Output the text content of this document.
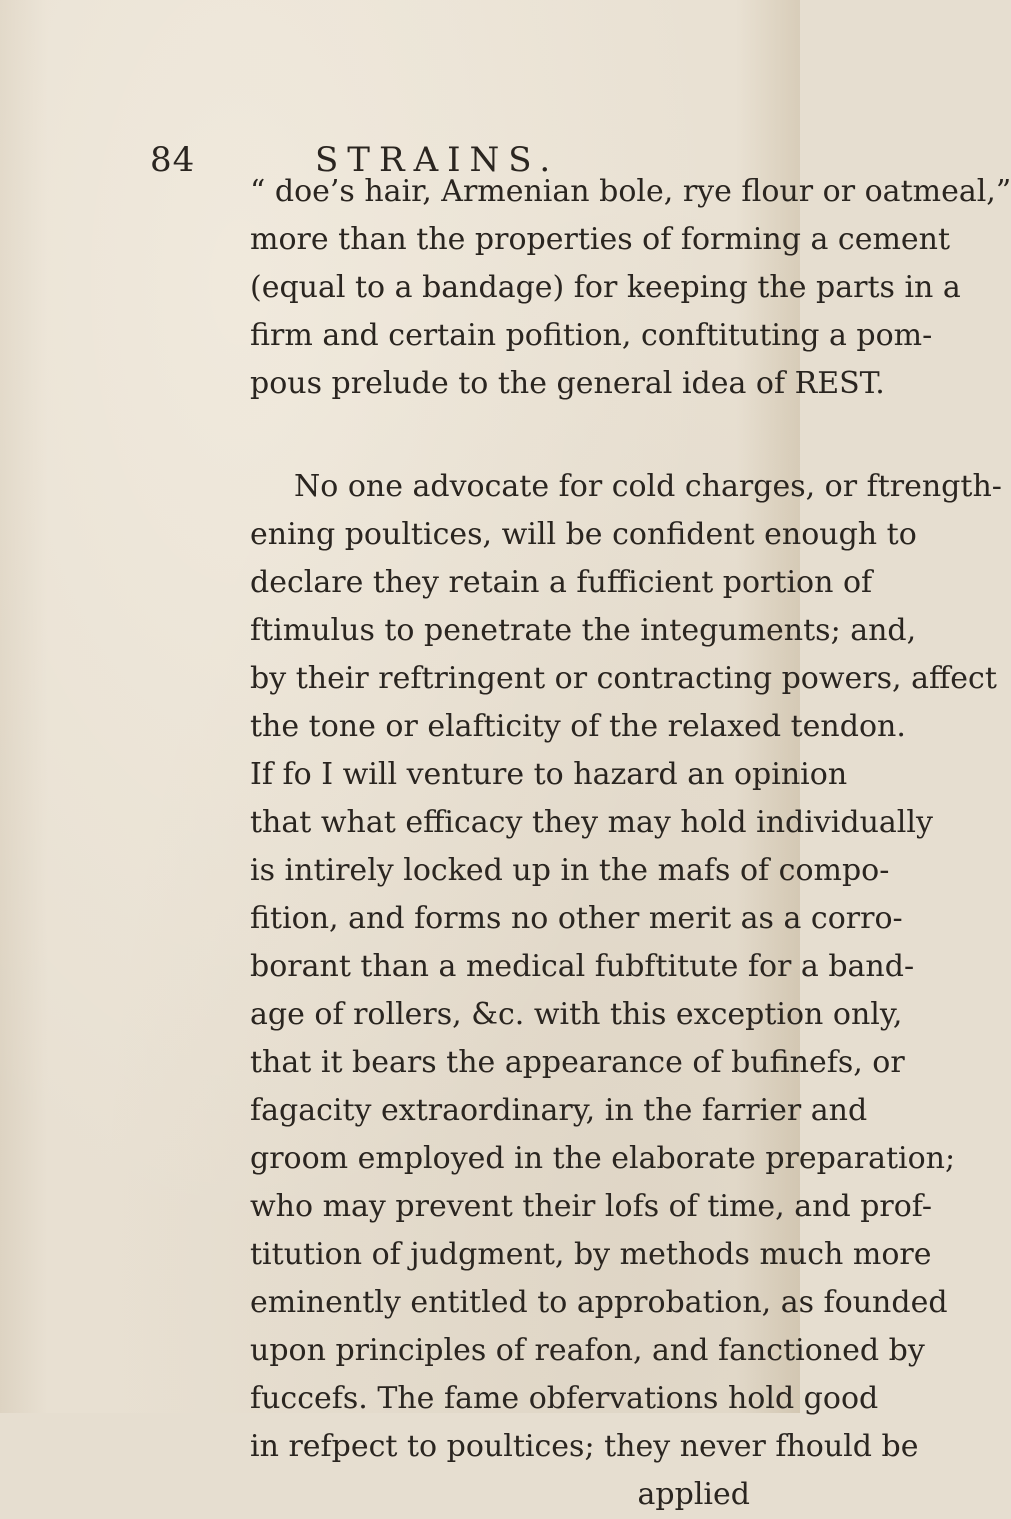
84	STRAINS.
“ doe’s hair, Armenian bole, rye flour or oatmeal,”
more than the properties of forming a cement
(equal to a bandage) for keeping the parts in a
firm and certain pofition, conftituting a pom-
pous prelude to the general idea of REST.
No one advocate for cold charges, or ftrength-
ening poultices, will be confident enough to
declare they retain a fufficient portion of
ftimulus to penetrate the integuments; and,
by their reftringent or contracting powers, affect
the tone or elafticity of the relaxed tendon.
If fo I will venture to hazard an opinion
that what efficacy they may hold individually
is intirely locked up in the mafs of compo-
fition, and forms no other merit as a corro-
borant than a medical fubftitute for a band-
age of rollers, &c. with this exception only,
that it bears the appearance of bufinefs, or
fagacity extraordinary, in the farrier and
groom employed in the elaborate preparation;
who may prevent their lofs of time, and prof-
titution of judgment, by methods much more
eminently entitled to approbation, as founded
upon principles of reafon, and fanctioned by
fuccefs. The fame obfervations hold good
in refpect to poultices; they never fhould be
applied
